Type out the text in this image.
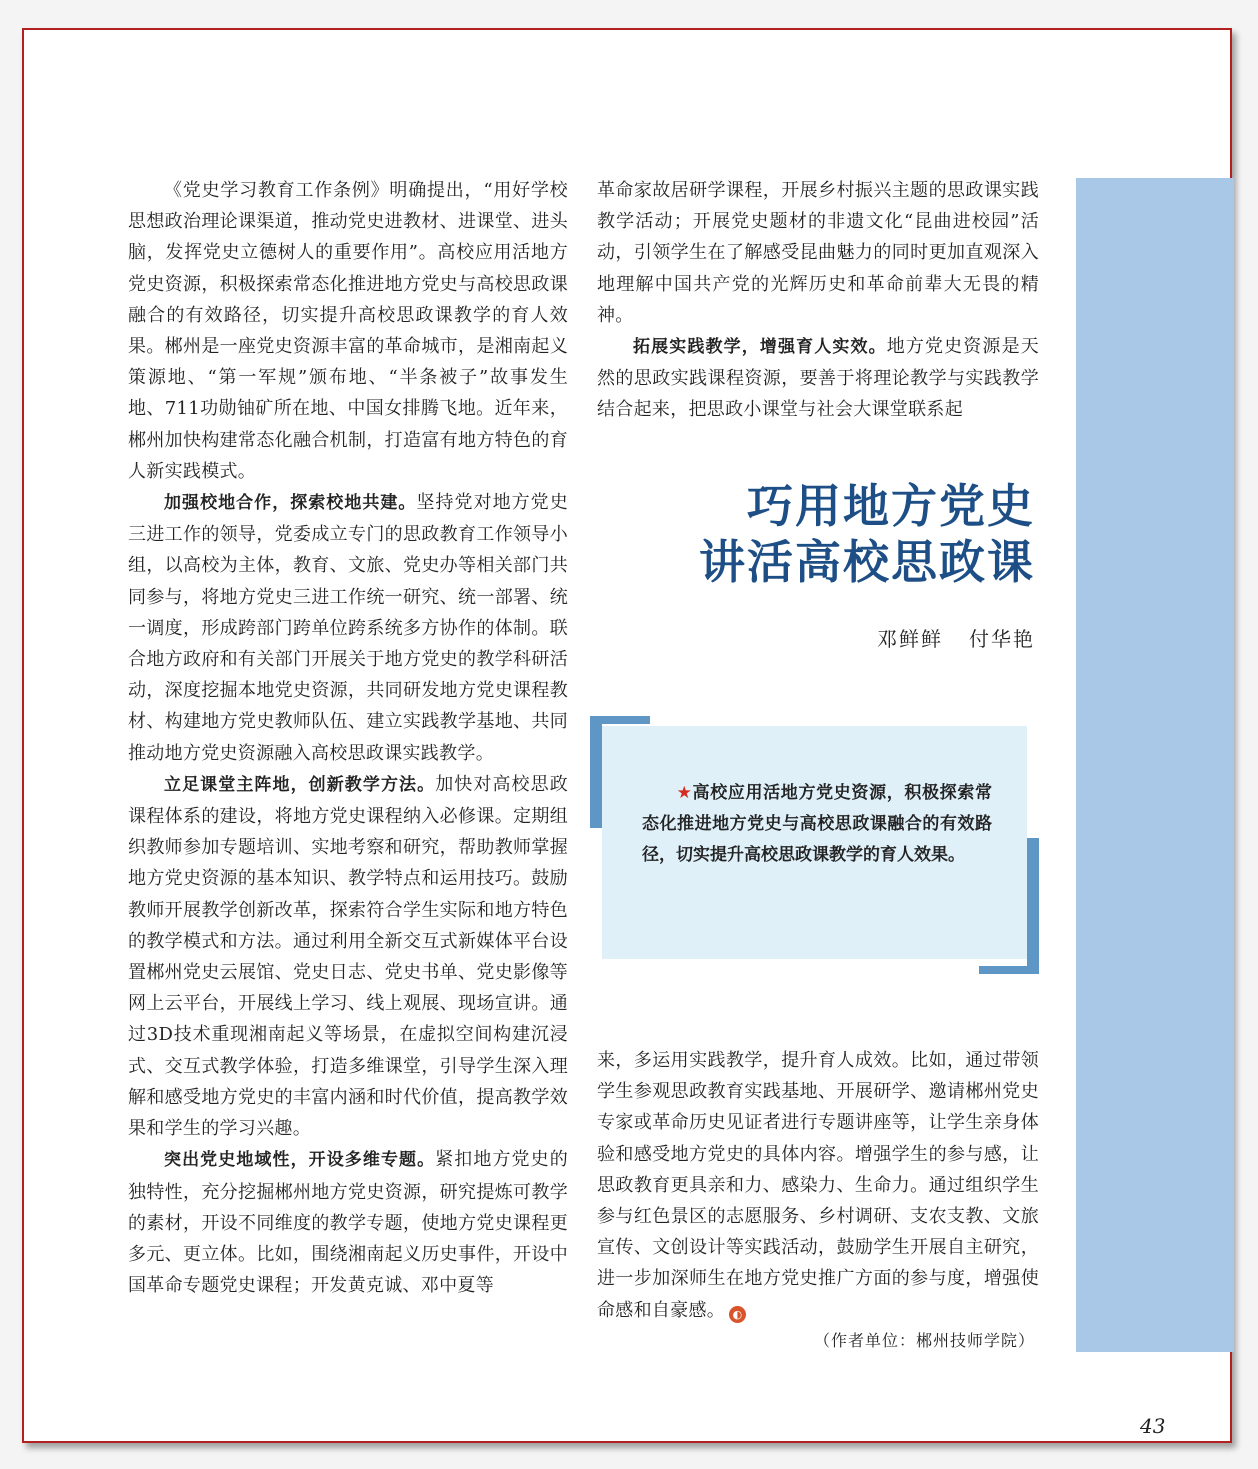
《党史学习教育工作条例》明确提出，“用好学校思想政治理论课渠道，推动党史进教材、进课堂、进头脑，发挥党史立德树人的重要作用”。高校应用活地方党史资源，积极探索常态化推进地方党史与高校思政课融合的有效路径，切实提升高校思政课教学的育人效果。郴州是一座党史资源丰富的革命城市，是湘南起义策源地、“第一军规”颁布地、“半条被子”故事发生地、711功勋铀矿所在地、中国女排腾飞地。近年来，郴州加快构建常态化融合机制，打造富有地方特色的育人新实践模式。

加强校地合作，探索校地共建。坚持党对地方党史三进工作的领导，党委成立专门的思政教育工作领导小组，以高校为主体，教育、文旅、党史办等相关部门共同参与，将地方党史三进工作统一研究、统一部署、统一调度，形成跨部门跨单位跨系统多方协作的体制。联合地方政府和有关部门开展关于地方党史的教学科研活动，深度挖掘本地党史资源，共同研发地方党史课程教材、构建地方党史教师队伍、建立实践教学基地、共同推动地方党史资源融入高校思政课实践教学。

立足课堂主阵地，创新教学方法。加快对高校思政课程体系的建设，将地方党史课程纳入必修课。定期组织教师参加专题培训、实地考察和研究，帮助教师掌握地方党史资源的基本知识、教学特点和运用技巧。鼓励教师开展教学创新改革，探索符合学生实际和地方特色的教学模式和方法。通过利用全新交互式新媒体平台设置郴州党史云展馆、党史日志、党史书单、党史影像等网上云平台，开展线上学习、线上观展、现场宣讲。通过3D技术重现湘南起义等场景，在虚拟空间构建沉浸式、交互式教学体验，打造多维课堂，引导学生深入理解和感受地方党史的丰富内涵和时代价值，提高教学效果和学生的学习兴趣。

突出党史地域性，开设多维专题。紧扣地方党史的独特性，充分挖掘郴州地方党史资源，研究提炼可教学的素材，开设不同维度的教学专题，使地方党史课程更多元、更立体。比如，围绕湘南起义历史事件，开设中国革命专题党史课程；开发黄克诚、邓中夏等

革命家故居研学课程，开展乡村振兴主题的思政课实践教学活动；开展党史题材的非遗文化“昆曲进校园”活动，引领学生在了解感受昆曲魅力的同时更加直观深入地理解中国共产党的光辉历史和革命前辈大无畏的精神。

拓展实践教学，增强育人实效。地方党史资源是天然的思政实践课程资源，要善于将理论教学与实践教学结合起来，把思政小课堂与社会大课堂联系起

巧用地方党史
讲活高校思政课
邓鲜鲜 付华艳
★高校应用活地方党史资源，积极探索常态化推进地方党史与高校思政课融合的有效路径，切实提升高校思政课教学的育人效果。

来，多运用实践教学，提升育人成效。比如，通过带领学生参观思政教育实践基地、开展研学、邀请郴州党史专家或革命历史见证者进行专题讲座等，让学生亲身体验和感受地方党史的具体内容。增强学生的参与感，让思政教育更具亲和力、感染力、生命力。通过组织学生参与红色景区的志愿服务、乡村调研、支农支教、文旅宣传、文创设计等实践活动，鼓励学生开展自主研究，进一步加深师生在地方党史推广方面的参与度，增强使命感和自豪感。 ◐

（作者单位：郴州技师学院）
43
